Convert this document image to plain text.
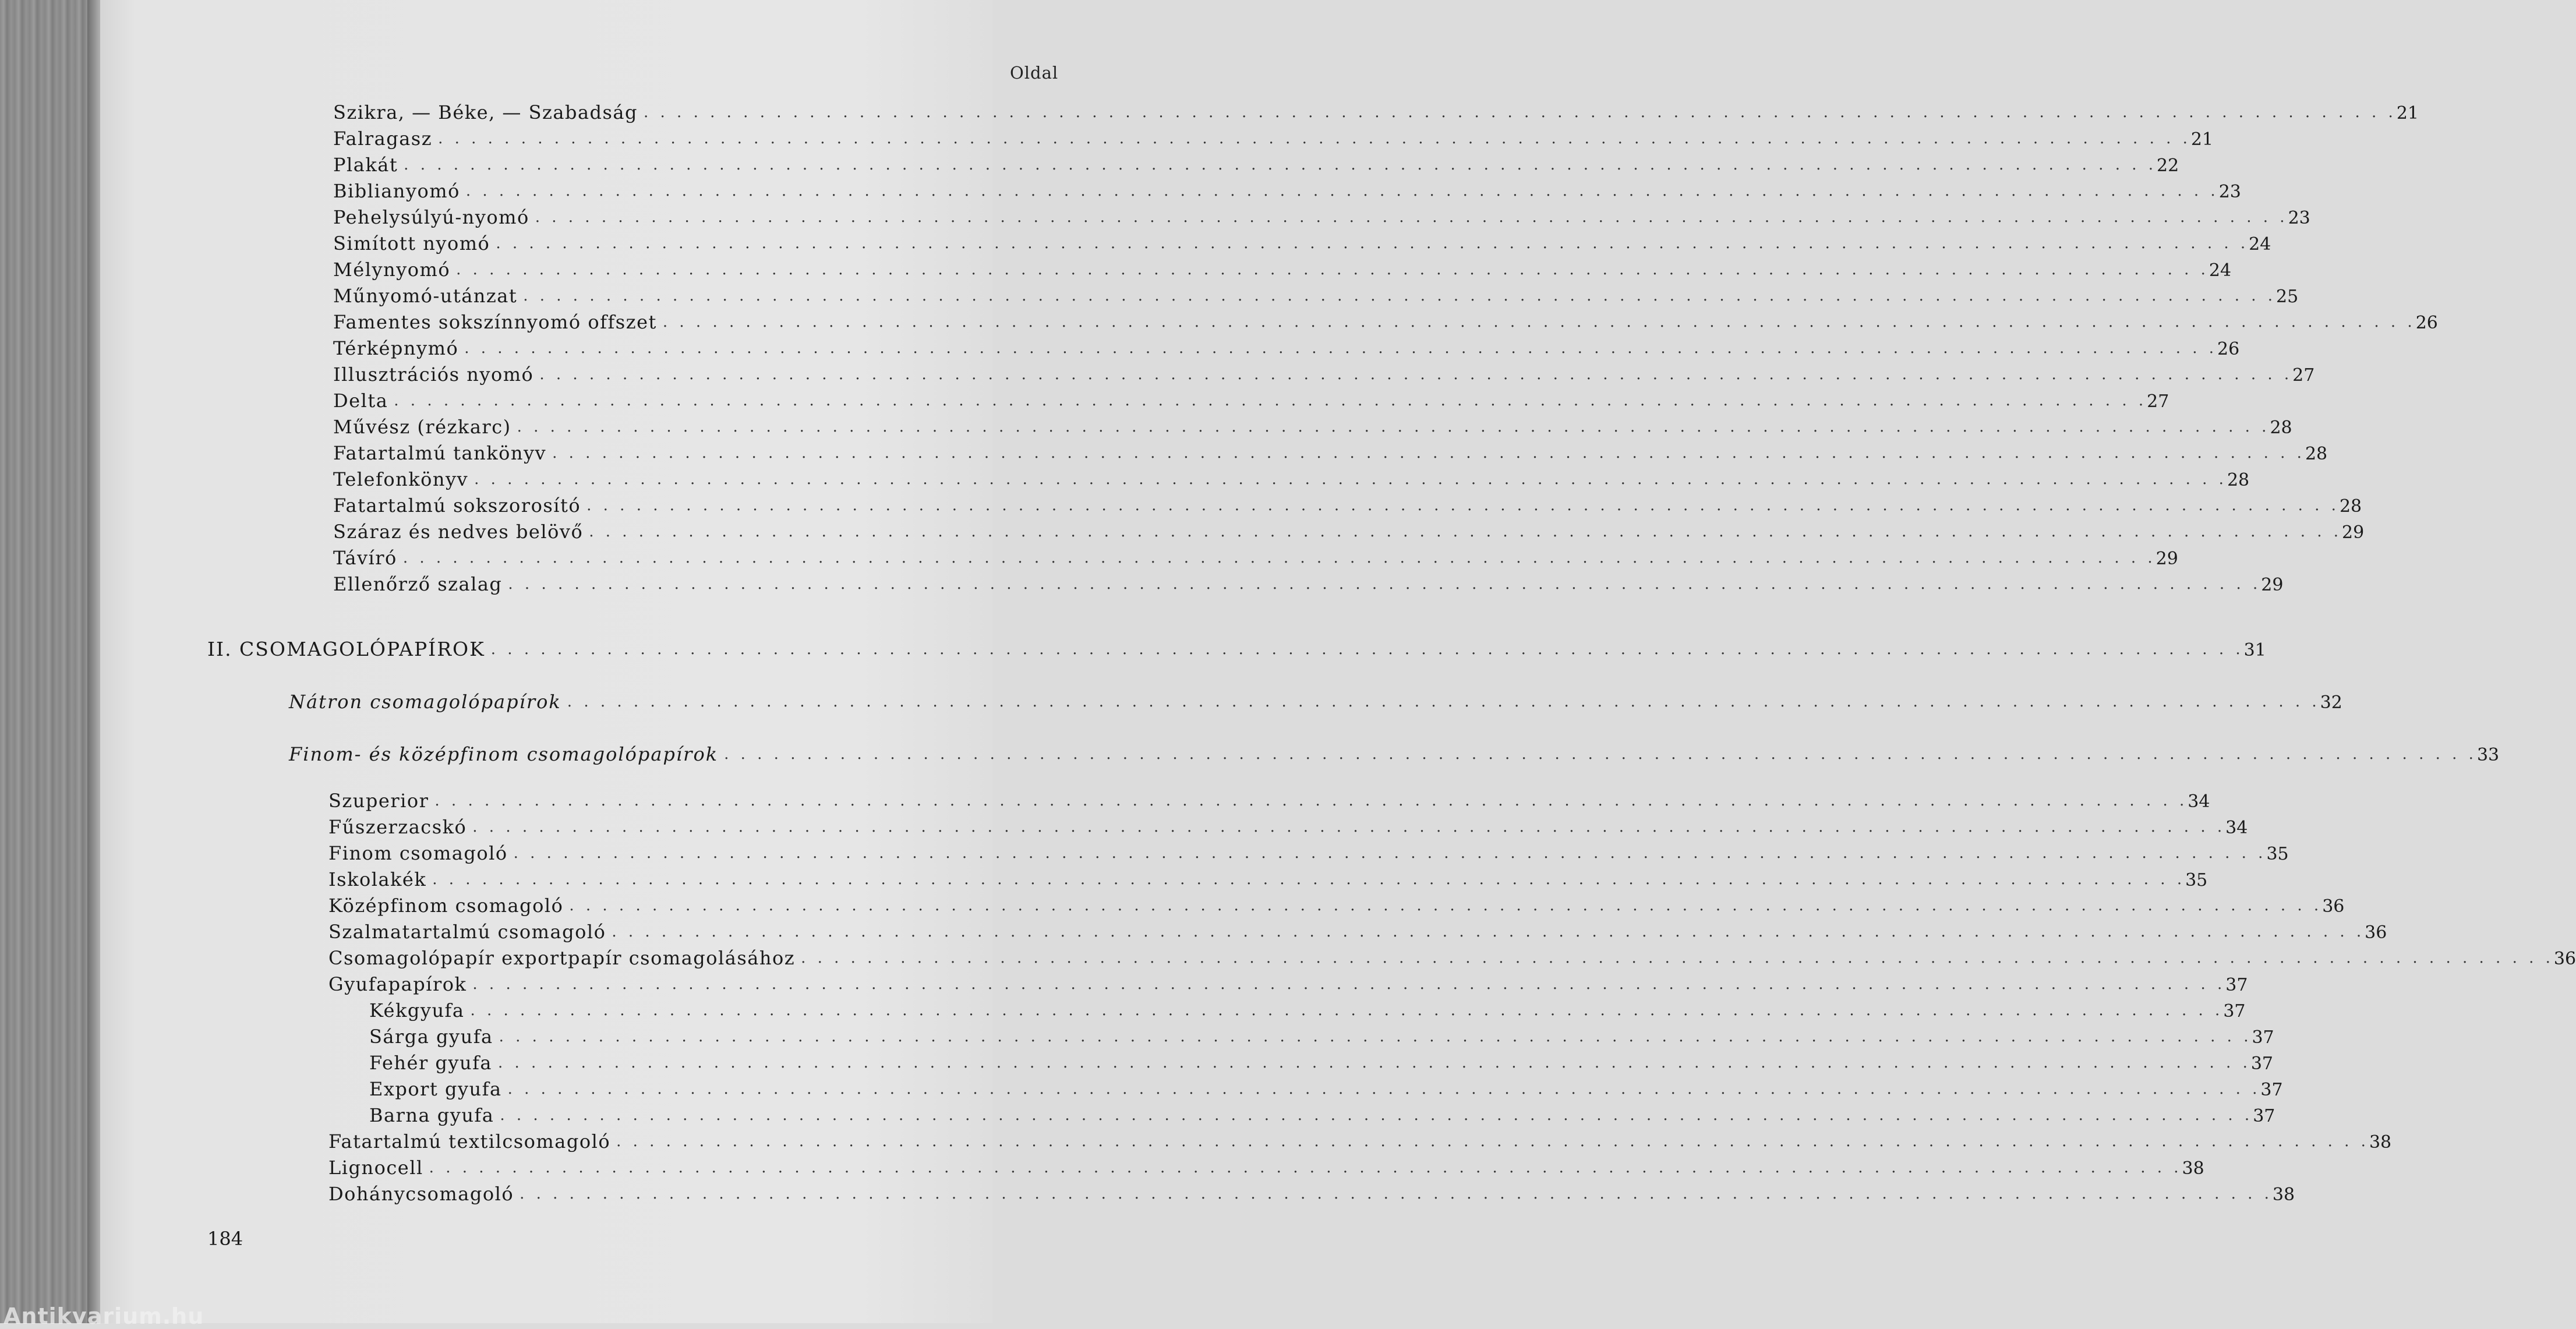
Oldal
Szikra, — Béke, — Szabadság . . .	21
Falragasz . . .	21
Plakát . . .	22
Biblianyomó . . .	23
Pehelysúlyú-nyomó . . .	23
Simított nyomó . . .	24
Mélynyomó . . .	24
Műnyomó-utánzat . . .	25
Famentes sokszínnyomó offszet . . .	26
Térképnymó . . .	26
Illusztrációs nyomó . . .	27
Delta . . .	27
Művész (rézkarc) . . .	28
Fatartalmú tankönyv . . .	28
Telefonkönyv . . .	28
Fatartalmú sokszorosító . . .	28
Száraz és nedves belövő . . .	29
Távíró . . .	29
Ellenőrző szalag . . .	29
II. CSOMAGOLÓPAPÍROK . . .	31
Nátron csomagolópapírok . . .	32
Finom- és középfinom csomagolópapírok . . .	33
Szuperior . . .	34
Fűszerzacskó . . .	34
Finom csomagoló . . .	35
Iskolakék . . .	35
Középfinom csomagoló . . .	36
Szalmatartalmú csomagoló . . .	36
Csomagolópapír exportpapír csomagolásához . . .	36
Gyufapapírok . . .	37
Kékgyufa . . .	37
Sárga gyufa . . .	37
Fehér gyufa . . .	37
Export gyufa . . .	37
Barna gyufa . . .	37
Fatartalmú textilcsomagoló . . .	38
Lignocell . . .	38
Dohánycsomagoló . . .	38
184
Antikvarium.hu
